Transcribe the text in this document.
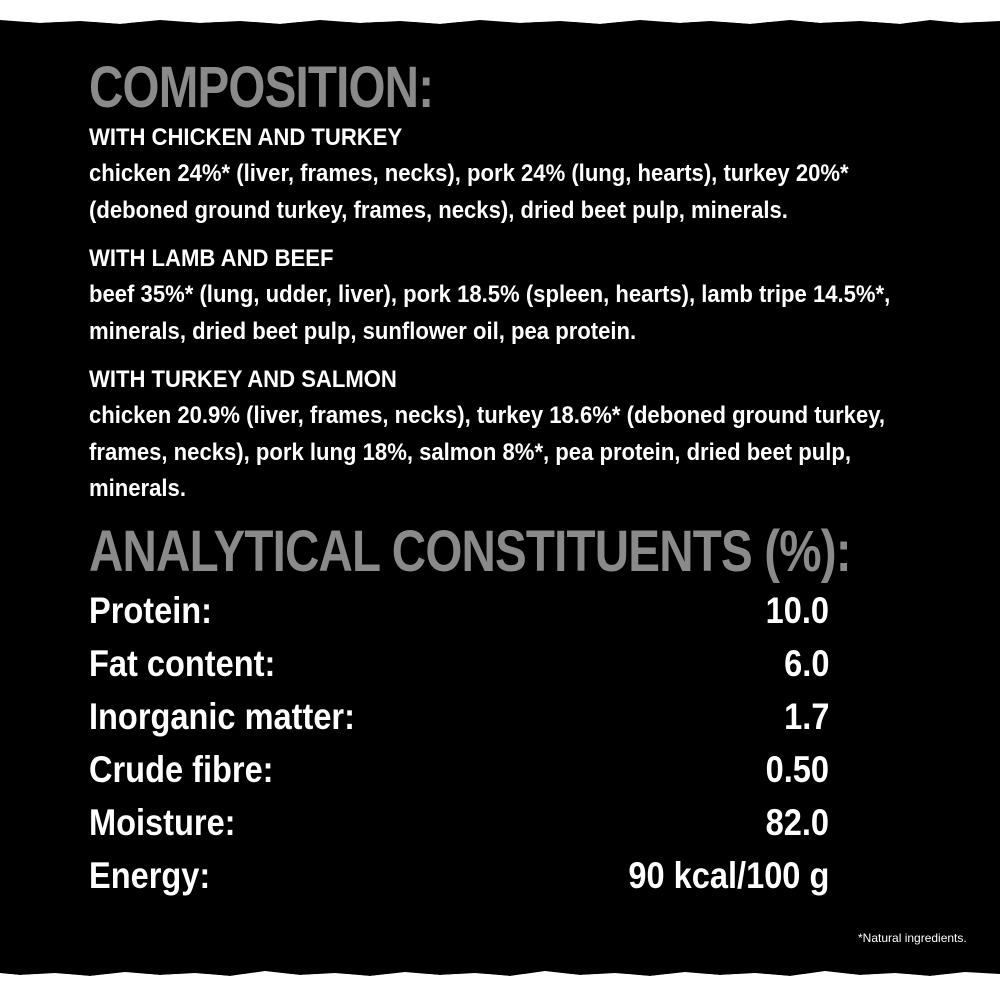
COMPOSITION:
WITH CHICKEN AND TURKEY
chicken 24%* (liver, frames, necks), pork 24% (lung, hearts), turkey 20%* (deboned ground turkey, frames, necks), dried beet pulp, minerals.
WITH LAMB AND BEEF
beef 35%* (lung, udder, liver), pork 18.5% (spleen, hearts), lamb tripe 14.5%*, minerals, dried beet pulp, sunflower oil, pea protein.
WITH TURKEY AND SALMON
chicken 20.9% (liver, frames, necks), turkey 18.6%* (deboned ground turkey, frames, necks), pork lung 18%, salmon 8%*, pea protein, dried beet pulp, minerals.
ANALYTICAL CONSTITUENTS (%):
Protein:	10.0
Fat content:	6.0
Inorganic matter:	1.7
Crude fibre:	0.50
Moisture:	82.0
Energy:	90 kcal/100 g
*Natural ingredients.
